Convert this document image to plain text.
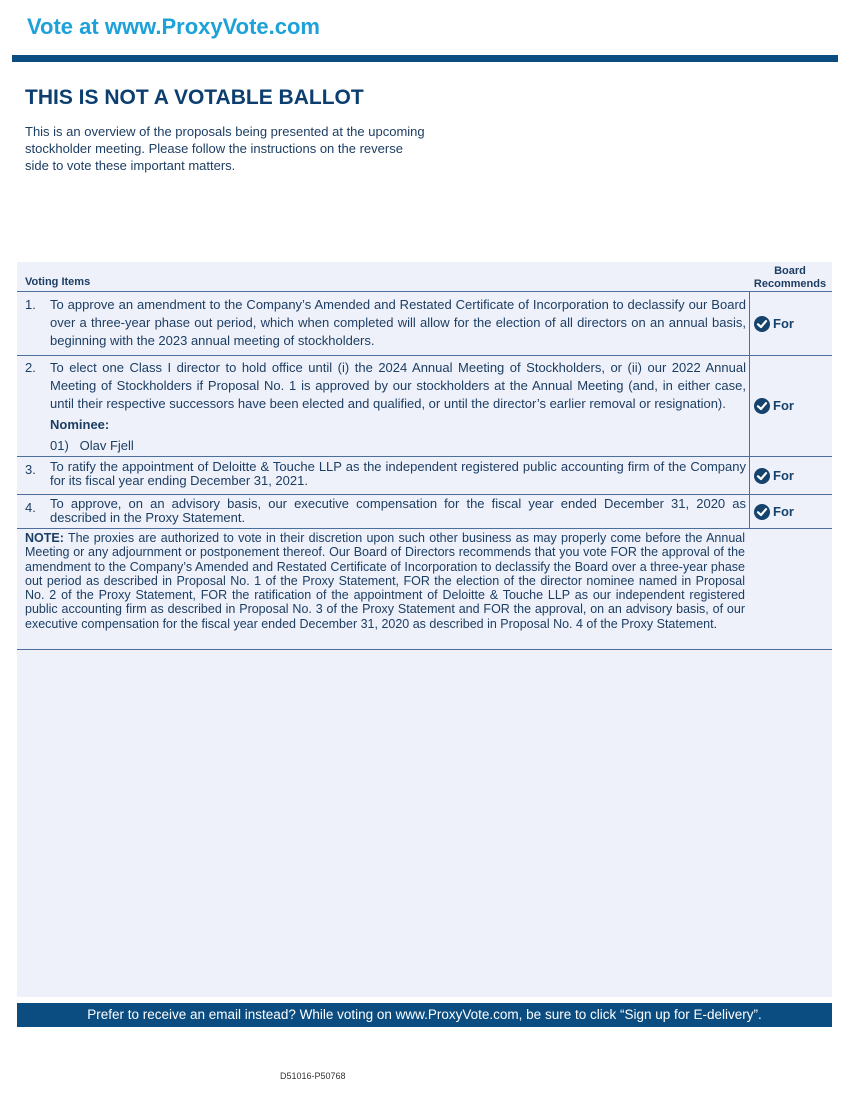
Vote at www.ProxyVote.com
THIS IS NOT A VOTABLE BALLOT
This is an overview of the proposals being presented at the upcoming stockholder meeting. Please follow the instructions on the reverse side to vote these important matters.
Voting Items
Board
Recommends
1. To approve an amendment to the Company’s Amended and Restated Certificate of Incorporation to declassify our Board over a three-year phase out period, which when completed will allow for the election of all directors on an annual basis, beginning with the 2023 annual meeting of stockholders.
For
2. To elect one Class I director to hold office until (i) the 2024 Annual Meeting of Stockholders, or (ii) our 2022 Annual Meeting of Stockholders if Proposal No. 1 is approved by our stockholders at the Annual Meeting (and, in either case, until their respective successors have been elected and qualified, or until the director’s earlier removal or resignation).
Nominee:
01) Olav Fjell
For
3. To ratify the appointment of Deloitte & Touche LLP as the independent registered public accounting firm of the Company for its fiscal year ending December 31, 2021.	For
4. To approve, on an advisory basis, our executive compensation for the fiscal year ended December 31, 2020 as described in the Proxy Statement.	For
NOTE: The proxies are authorized to vote in their discretion upon such other business as may properly come before the Annual Meeting or any adjournment or postponement thereof. Our Board of Directors recommends that you vote FOR the approval of the amendment to the Company’s Amended and Restated Certificate of Incorporation to declassify the Board over a three-year phase out period as described in Proposal No. 1 of the Proxy Statement, FOR the election of the director nominee named in Proposal No. 2 of the Proxy Statement, FOR the ratification of the appointment of Deloitte & Touche LLP as our independent registered public accounting firm as described in Proposal No. 3 of the Proxy Statement and FOR the approval, on an advisory basis, of our executive compensation for the fiscal year ended December 31, 2020 as described in Proposal No. 4 of the Proxy Statement.
Prefer to receive an email instead? While voting on www.ProxyVote.com, be sure to click “Sign up for E-delivery”.
D51016-P50768
